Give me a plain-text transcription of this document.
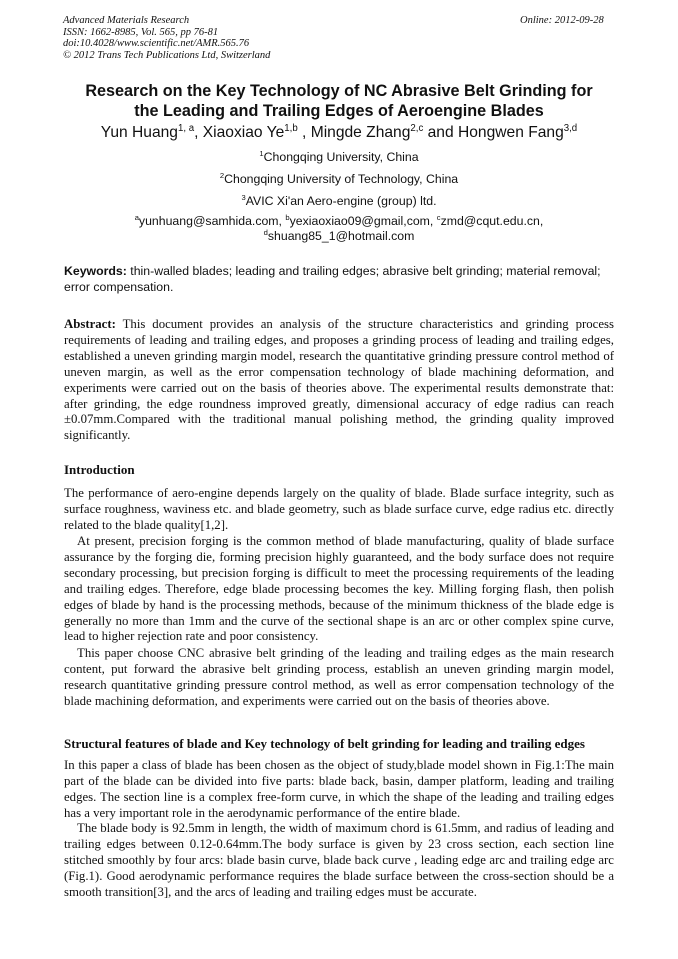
Advanced Materials Research
ISSN: 1662-8985, Vol. 565, pp 76-81
doi:10.4028/www.scientific.net/AMR.565.76
© 2012 Trans Tech Publications Ltd, Switzerland
Online: 2012-09-28
Research on the Key Technology of NC Abrasive Belt Grinding for
the Leading and Trailing Edges of Aeroengine Blades
Yun Huang$^{1, a}$, Xiaoxiao Ye$^{1,b}$ , Mingde Zhang$^{2,c}$ and Hongwen Fang$^{3,d}$
$^1$Chongqing University, China
$^2$Chongqing University of Technology, China
$^3$AVIC Xi'an Aero-engine (group) ltd.
$^a$yunhuang@samhida.com, $^b$yexiaoxiao09@gmail,com, $^c$zmd@cqut.edu.cn,
$^d$shuang85_1@hotmail.com
Keywords: thin-walled blades; leading and trailing edges; abrasive belt grinding; material removal; error compensation.
Abstract: This document provides an analysis of the structure characteristics and grinding process requirements of leading and trailing edges, and proposes a grinding process of leading and trailing edges, established a uneven grinding margin model, research the quantitative grinding pressure control method of uneven margin, as well as the error compensation technology of blade machining deformation, and experiments were carried out on the basis of theories above. The experimental results demonstrate that: after grinding, the edge roundness improved greatly, dimensional accuracy of edge radius can reach ±0.07mm.Compared with the traditional manual polishing method, the grinding quality improved significantly.
Introduction
The performance of aero-engine depends largely on the quality of blade. Blade surface integrity, such as surface roughness, waviness etc. and blade geometry, such as blade surface curve, edge radius etc. directly related to the blade quality[1,2].
At present, precision forging is the common method of blade manufacturing, quality of blade surface assurance by the forging die, forming precision highly guaranteed, and the body surface does not require secondary processing, but precision forging is difficult to meet the processing requirements of the leading and trailing edges. Therefore, edge blade processing becomes the key. Milling forging flash, then polish edges of blade by hand is the processing methods, because of the minimum thickness of the blade edge is generally no more than 1mm and the curve of the sectional shape is an arc or other complex spine curve, lead to higher rejection rate and poor consistency.
This paper choose CNC abrasive belt grinding of the leading and trailing edges as the main research content, put forward the abrasive belt grinding process, establish an uneven grinding margin model, research quantitative grinding pressure control method, as well as error compensation technology of the blade machining deformation, and experiments were carried out on the basis of theories above.
Structural features of blade and Key technology of belt grinding for leading and trailing edges
In this paper a class of blade has been chosen as the object of study,blade model shown in Fig.1:The main part of the blade can be divided into five parts: blade back, basin, damper platform, leading and trailing edges. The section line is a complex free-form curve, in which the shape of the leading and trailing edges has a very important role in the aerodynamic performance of the entire blade.
The blade body is 92.5mm in length, the width of maximum chord is 61.5mm, and radius of leading and trailing edges between 0.12-0.64mm.The body surface is given by 23 cross section, each section line stitched smoothly by four arcs: blade basin curve, blade back curve , leading edge arc and trailing edge arc (Fig.1). Good aerodynamic performance requires the blade surface between the cross-section should be a smooth transition[3], and the arcs of leading and trailing edges must be accurate.
